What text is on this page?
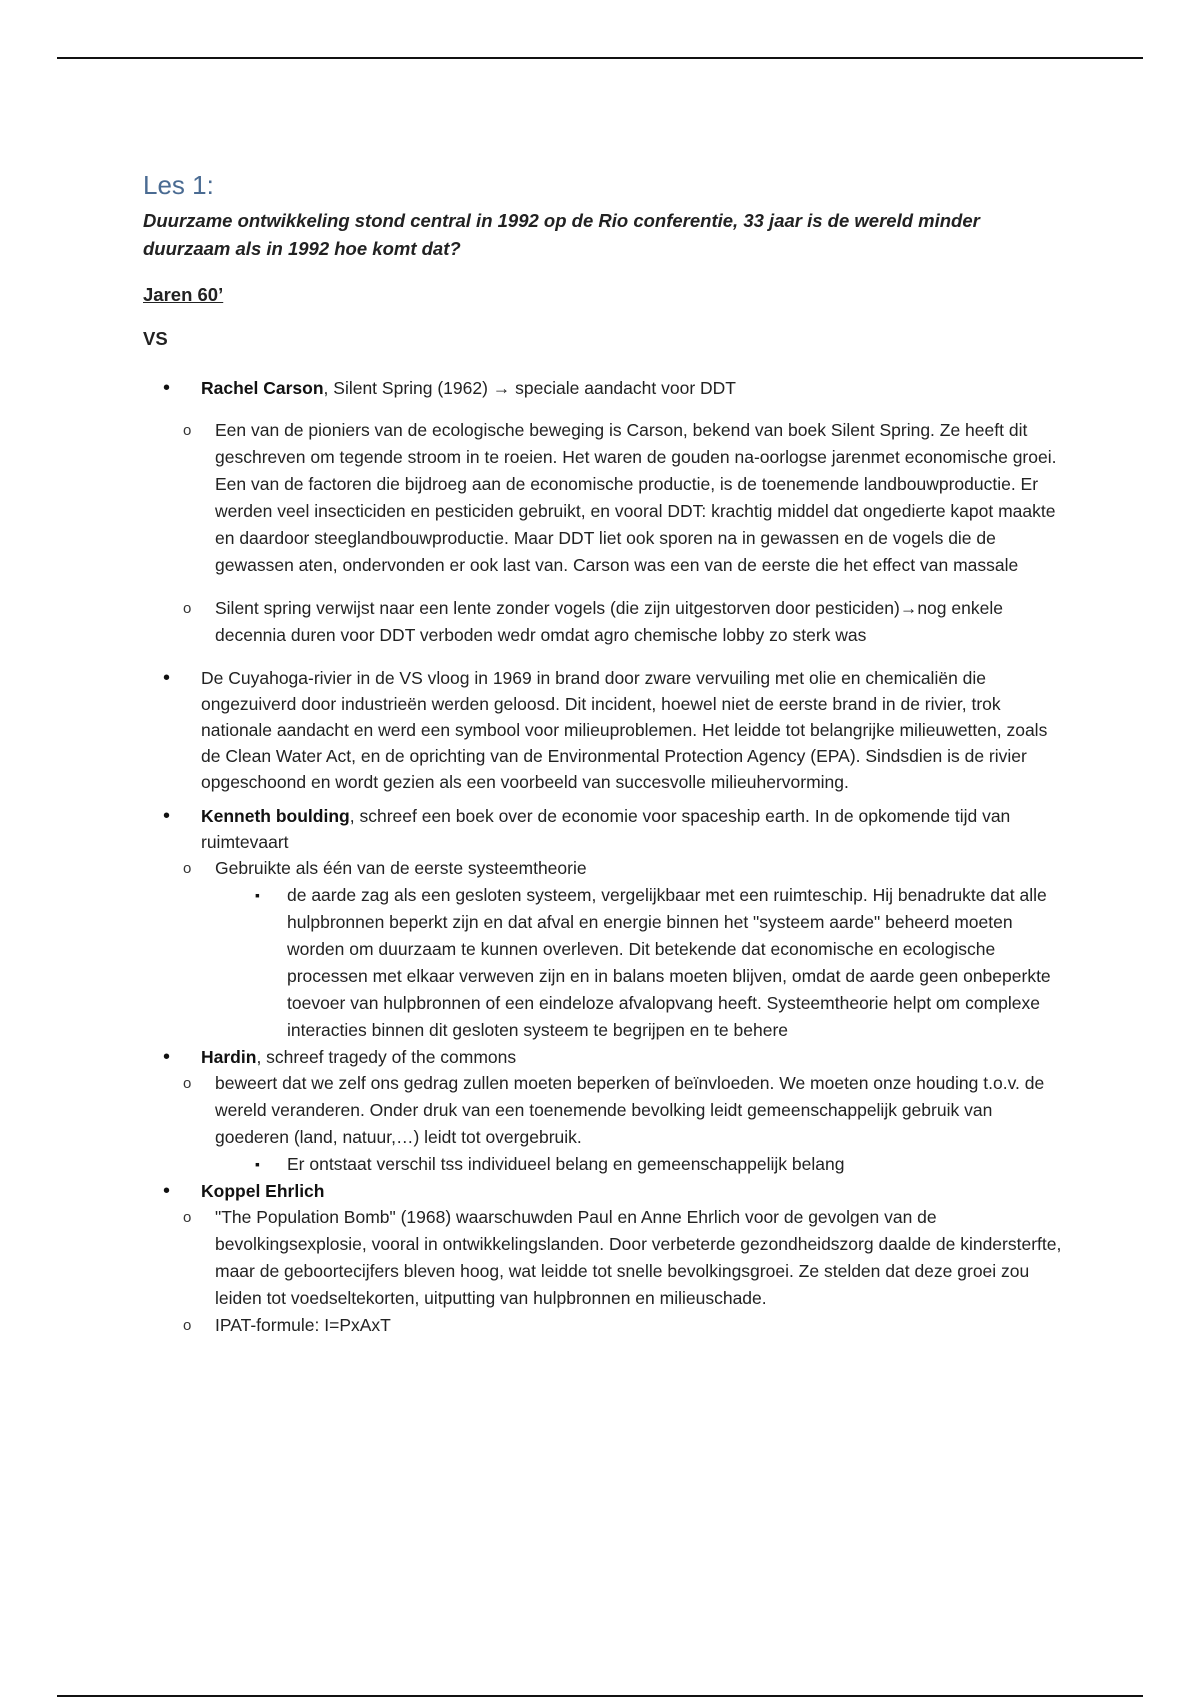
Les 1:

Duurzame ontwikkeling stond central in 1992 op de Rio conferentie, 33 jaar is de wereld minder duurzaam als in 1992 hoe komt dat?

Jaren 60’

VS

• Rachel Carson, Silent Spring (1962) → speciale aandacht voor DDT
o Een van de pioniers van de ecologische beweging is Carson, bekend van boek Silent Spring. Ze heeft dit geschreven om tegende stroom in te roeien. Het waren de gouden na-oorlogse jarenmet economische groei. Een van de factoren die bijdroeg aan de economische productie, is de toenemende landbouwproductie. Er werden veel insecticiden en pesticiden gebruikt, en vooral DDT: krachtig middel dat ongedierte kapot maakte en daardoor steeglandbouwproductie. Maar DDT liet ook sporen na in gewassen en de vogels die de gewassen aten, ondervonden er ook last van. Carson was een van de eerste die het effect van massale
o Silent spring verwijst naar een lente zonder vogels (die zijn uitgestorven door pesticiden)→nog enkele decennia duren voor DDT verboden wedr omdat agro chemische lobby zo sterk was
• De Cuyahoga-rivier in de VS vloog in 1969 in brand door zware vervuiling met olie en chemicaliën die ongezuiverd door industrieën werden geloosd. Dit incident, hoewel niet de eerste brand in de rivier, trok nationale aandacht en werd een symbool voor milieuproblemen. Het leidde tot belangrijke milieuwetten, zoals de Clean Water Act, en de oprichting van de Environmental Protection Agency (EPA). Sindsdien is de rivier opgeschoond en wordt gezien als een voorbeeld van succesvolle milieuhervorming.
• Kenneth boulding, schreef een boek over de economie voor spaceship earth. In de opkomende tijd van ruimtevaart
o Gebruikte als één van de eerste systeemtheorie
▪ de aarde zag als een gesloten systeem, vergelijkbaar met een ruimteschip. Hij benadrukte dat alle hulpbronnen beperkt zijn en dat afval en energie binnen het "systeem aarde" beheerd moeten worden om duurzaam te kunnen overleven. Dit betekende dat economische en ecologische processen met elkaar verweven zijn en in balans moeten blijven, omdat de aarde geen onbeperkte toevoer van hulpbronnen of een eindeloze afvalopvang heeft. Systeemtheorie helpt om complexe interacties binnen dit gesloten systeem te begrijpen en te behere
• Hardin, schreef tragedy of the commons
o beweert dat we zelf ons gedrag zullen moeten beperken of beïnvloeden. We moeten onze houding t.o.v. de wereld veranderen. Onder druk van een toenemende bevolking leidt gemeenschappelijk gebruik van goederen (land, natuur,…) leidt tot overgebruik.
▪ Er ontstaat verschil tss individueel belang en gemeenschappelijk belang
• Koppel Ehrlich
o "The Population Bomb" (1968) waarschuwden Paul en Anne Ehrlich voor de gevolgen van de bevolkingsexplosie, vooral in ontwikkelingslanden. Door verbeterde gezondheidszorg daalde de kindersterfte, maar de geboortecijfers bleven hoog, wat leidde tot snelle bevolkingsgroei. Ze stelden dat deze groei zou leiden tot voedseltekorten, uitputting van hulpbronnen en milieuschade.
o IPAT-formule: I=PxAxT
